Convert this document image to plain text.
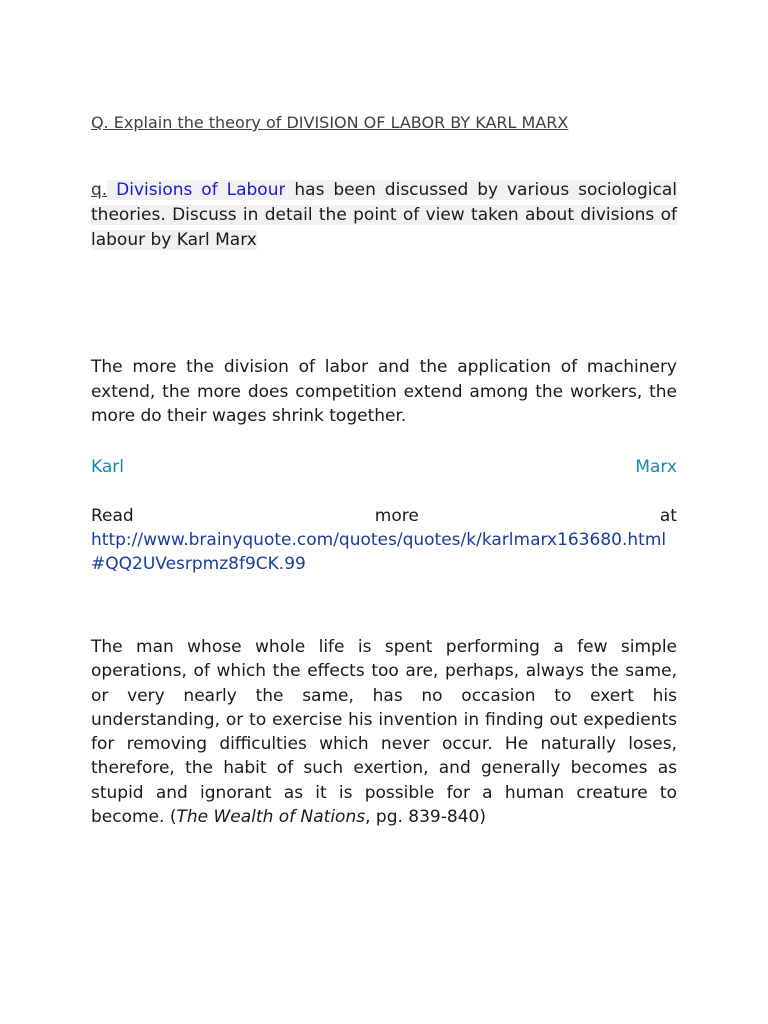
Q. Explain the theory of DIVISION OF LABOR BY KARL MARX
q. Divisions of Labour has been discussed by various sociological theories. Discuss in detail the point of view taken about divisions of labour by Karl Marx
The more the division of labor and the application of machinery extend, the more does competition extend among the workers, the more do their wages shrink together.
Karl	Marx
Read	more	at
http://www.brainyquote.com/quotes/quotes/k/karlmarx163680.html#QQ2UVesrpmz8f9CK.99
The man whose whole life is spent performing a few simple operations, of which the effects too are, perhaps, always the same, or very nearly the same, has no occasion to exert his understanding, or to exercise his invention in finding out expedients for removing difficulties which never occur. He naturally loses, therefore, the habit of such exertion, and generally becomes as stupid and ignorant as it is possible for a human creature to become. (The Wealth of Nations, pg. 839-840)
